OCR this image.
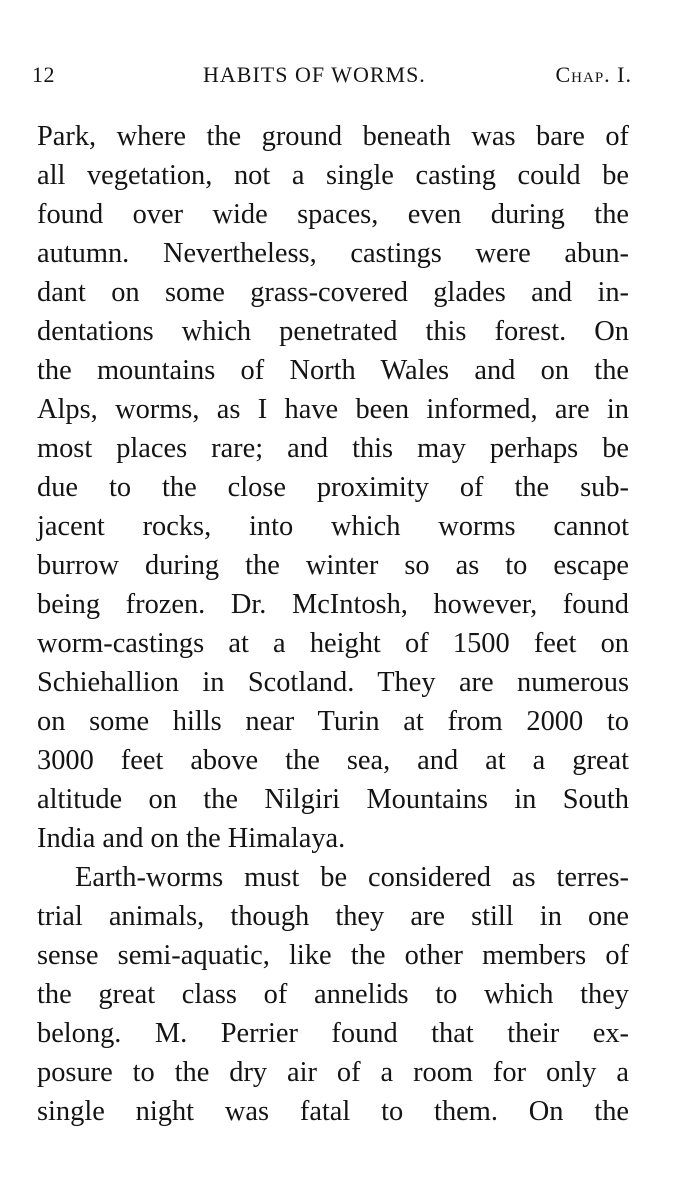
12	HABITS OF WORMS.	Chap. I.
Park, where the ground beneath was bare of
all vegetation, not a single casting could be
found over wide spaces, even during the
autumn. Nevertheless, castings were abun-
dant on some grass-covered glades and in-
dentations which penetrated this forest. On
the mountains of North Wales and on the
Alps, worms, as I have been informed, are in
most places rare; and this may perhaps be
due to the close proximity of the sub-
jacent rocks, into which worms cannot
burrow during the winter so as to escape
being frozen. Dr. McIntosh, however, found
worm-castings at a height of 1500 feet on
Schiehallion in Scotland. They are numerous
on some hills near Turin at from 2000 to
3000 feet above the sea, and at a great
altitude on the Nilgiri Mountains in South
India and on the Himalaya.
Earth-worms must be considered as terres-
trial animals, though they are still in one
sense semi-aquatic, like the other members of
the great class of annelids to which they
belong. M. Perrier found that their ex-
posure to the dry air of a room for only a
single night was fatal to them. On the
